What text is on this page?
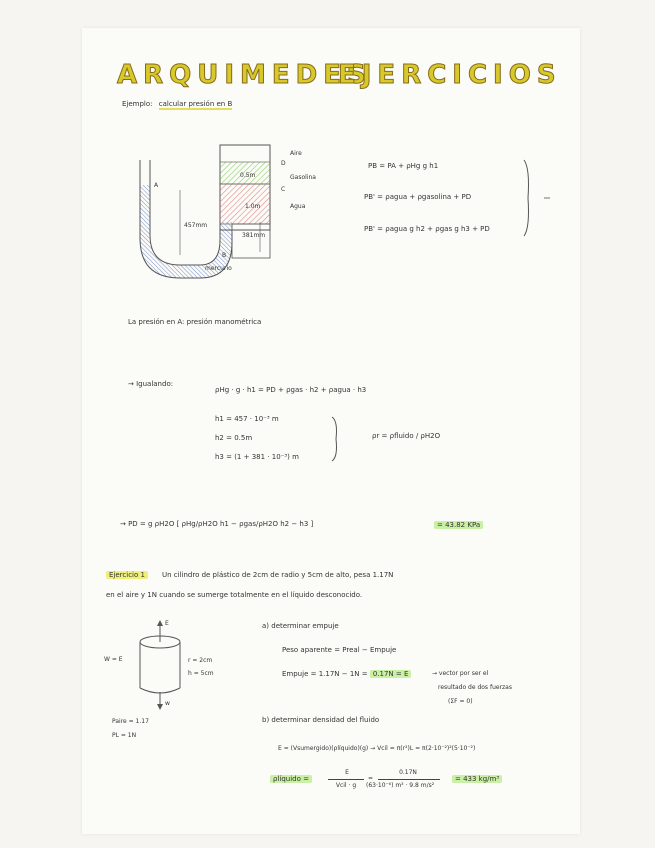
ARQUIMEDES
EJERCICIOS
Ejemplo: calcular presión en B
Aire
Gasolina
Agua
mercurio
A
B
C
D
457mm
0.5m
1.0m
381mm
PB = PA + ρHg g h1
PB' = ρagua + ρgasolina + PD
PB' = ρagua g h2 + ρgas g h3 + PD
La presión en A: presión manométrica
→ Igualando:
ρHg · g · h1 = PD + ρgas · h2 + ρagua · h3
h1 = 457 · 10⁻³ m
h2 = 0.5m
h3 = (1 + 381 · 10⁻³) m
ρr = ρfluido / ρH2O
→ PD = g ρH2O [ ρHg/ρH2O h1 − ρgas/ρH2O h2 − h3 ]	= 43.82 KPa
Ejercicio 1	Un cilindro de plástico de 2cm de radio y 5cm de alto, pesa 1.17N
en el aire y 1N cuando se sumerge totalmente en el líquido desconocido.
E
w
W = E	r = 2cm
h = 5cm
Paire = 1.17
PL = 1N
a) determinar empuje
Peso aparente = Preal − Empuje
Empuje = 1.17N − 1N = 0.17N = E	→ vector por ser el
resultado de dos fuerzas
(ΣF = 0)
b) determinar densidad del fluido
E = (Vsumergido)(ρlíquido)(g) → Vcil = π(r²)L = π(2·10⁻²)²(5·10⁻²)
ρlíquido =
E
Vcil · g
=
0.17N
(63·10⁻⁶) m³ · 9.8 m/s²
= 433 kg/m³
